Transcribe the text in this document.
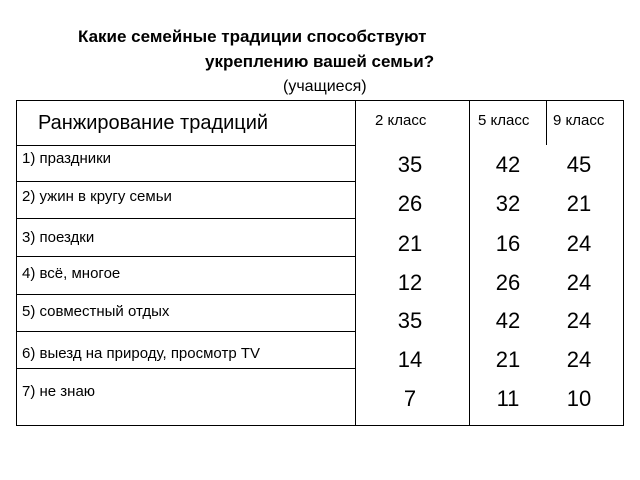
Какие семейные традиции способствуют
укреплению вашей семьи?
(учащиеся)
Ранжирование традиций	2 класс	5 класс 9 класс
1) праздники
2) ужин в кругу семьи
3) поездки
4) всё, многое
5) совместный отдых
6) выезд на природу, просмотр TV
7) не знаю
35
26
21
12
35
14
7
42
32
16
26
42
21
11
45
21
24
24
24
24
10
